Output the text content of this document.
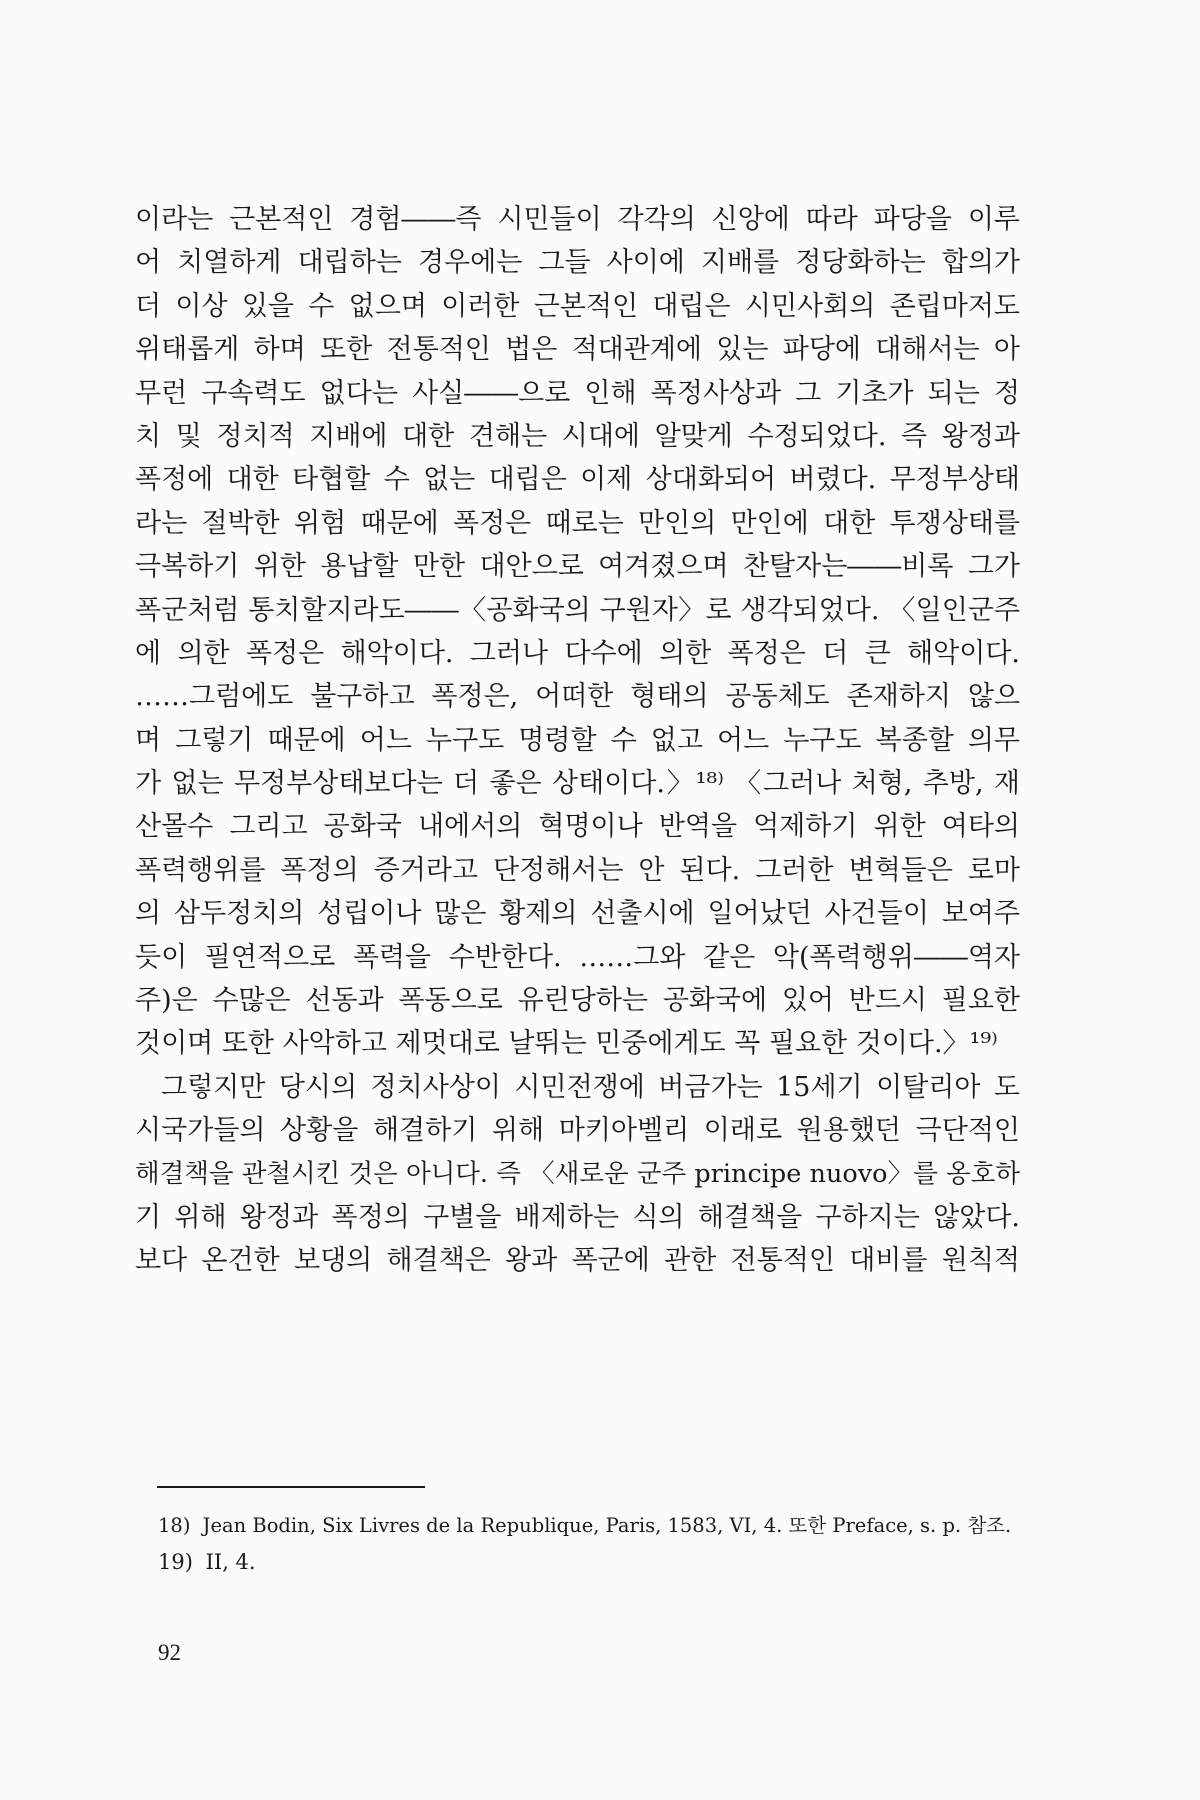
이라는 근본적인 경험――즉 시민들이 각각의 신앙에 따라 파당을 이루
어 치열하게 대립하는 경우에는 그들 사이에 지배를 정당화하는 합의가
더 이상 있을 수 없으며 이러한 근본적인 대립은 시민사회의 존립마저도
위태롭게 하며 또한 전통적인 법은 적대관계에 있는 파당에 대해서는 아
무런 구속력도 없다는 사실――으로 인해 폭정사상과 그 기초가 되는 정
치 및 정치적 지배에 대한 견해는 시대에 알맞게 수정되었다. 즉 왕정과
폭정에 대한 타협할 수 없는 대립은 이제 상대화되어 버렸다. 무정부상태
라는 절박한 위험 때문에 폭정은 때로는 만인의 만인에 대한 투쟁상태를
극복하기 위한 용납할 만한 대안으로 여겨졌으며 찬탈자는――비록 그가
폭군처럼 통치할지라도――〈공화국의 구원자〉로 생각되었다. 〈일인군주
에 의한 폭정은 해악이다. 그러나 다수에 의한 폭정은 더 큰 해악이다.
……그럼에도 불구하고 폭정은, 어떠한 형태의 공동체도 존재하지 않으
며 그렇기 때문에 어느 누구도 명령할 수 없고 어느 누구도 복종할 의무
가 없는 무정부상태보다는 더 좋은 상태이다.〉¹⁸⁾ 〈그러나 처형, 추방, 재
산몰수 그리고 공화국 내에서의 혁명이나 반역을 억제하기 위한 여타의
폭력행위를 폭정의 증거라고 단정해서는 안 된다. 그러한 변혁들은 로마
의 삼두정치의 성립이나 많은 황제의 선출시에 일어났던 사건들이 보여주
듯이 필연적으로 폭력을 수반한다. ……그와 같은 악(폭력행위――역자
주)은 수많은 선동과 폭동으로 유린당하는 공화국에 있어 반드시 필요한
것이며 또한 사악하고 제멋대로 날뛰는 민중에게도 꼭 필요한 것이다.〉¹⁹⁾
그렇지만 당시의 정치사상이 시민전쟁에 버금가는 15세기 이탈리아 도
시국가들의 상황을 해결하기 위해 마키아벨리 이래로 원용했던 극단적인
해결책을 관철시킨 것은 아니다. 즉 〈새로운 군주 principe nuovo〉를 옹호하
기 위해 왕정과 폭정의 구별을 배제하는 식의 해결책을 구하지는 않았다.
보다 온건한 보댕의 해결책은 왕과 폭군에 관한 전통적인 대비를 원칙적
18) Jean Bodin, Six Livres de la Republique, Paris, 1583, VI, 4. 또한 Preface, s. p. 참조.
19) II, 4.
92
